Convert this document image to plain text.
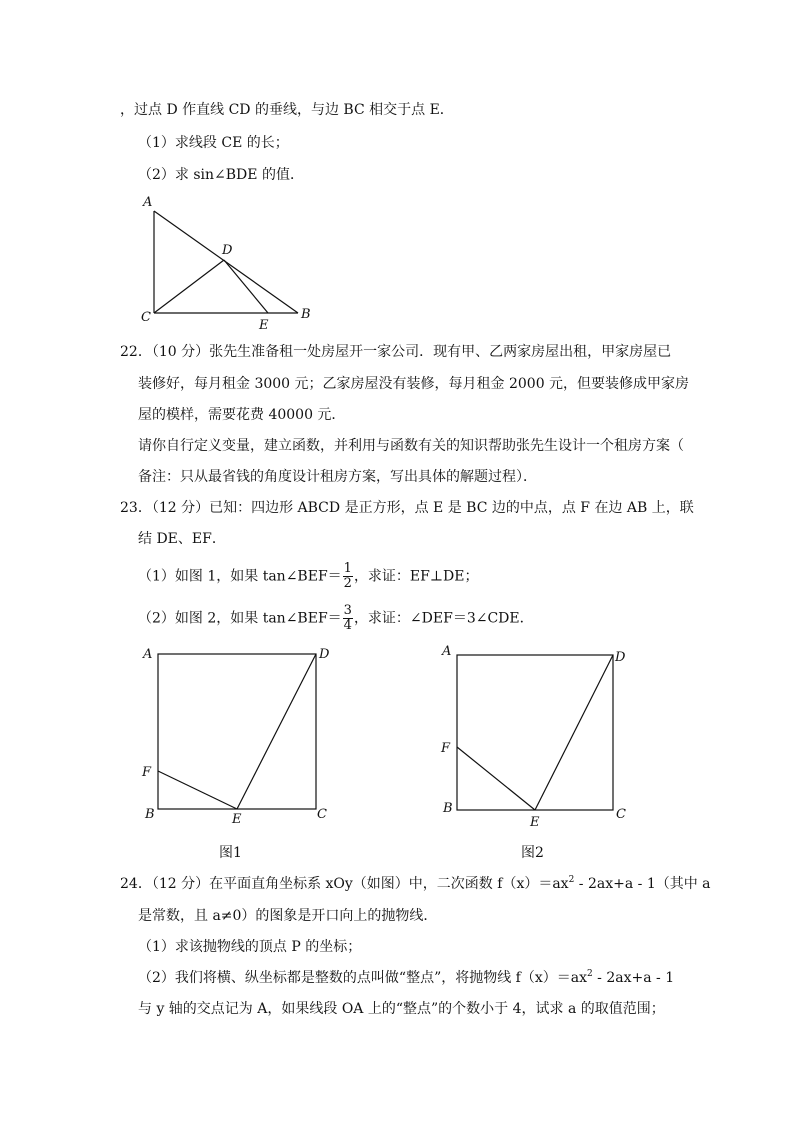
，过点 D 作直线 CD 的垂线，与边 BC 相交于点 E．
（1）求线段 CE 的长；
（2）求 sin∠BDE 的值．
A
D
C
E
B
22．（10 分）张先生准备租一处房屋开一家公司．现有甲、乙两家房屋出租，甲家房屋已
装修好，每月租金 3000 元；乙家房屋没有装修，每月租金 2000 元，但要装修成甲家房
屋的模样，需要花费 40000 元．
请你自行定义变量，建立函数，并利用与函数有关的知识帮助张先生设计一个租房方案（
备注：只从最省钱的角度设计租房方案，写出具体的解题过程）．
23．（12 分）已知：四边形 ABCD 是正方形，点 E 是 BC 边的中点，点 F 在边 AB 上，联
结 DE、EF．
（1）如图 1，如果 tan∠BEF＝ $\frac{1}{2}$ ，求证：EF⊥DE；
（2）如图 2，如果 tan∠BEF＝ $\frac{3}{4}$ ，求证：∠DEF＝3∠CDE．
A	D
F
B	E	C
图1
A	D
F
B
E
C
图2
24．（12 分）在平面直角坐标系 xOy（如图）中，二次函数 $f(x)=ax^2 - 2ax+a - 1$（其中 a
是常数，且 a≠0）的图象是开口向上的抛物线．
（1）求该抛物线的顶点 P 的坐标；
（2）我们将横、纵坐标都是整数的点叫做“整点”，将抛物线 $f(x)=ax^2 - 2ax+a - 1$
与 y 轴的交点记为 A，如果线段 OA 上的“整点”的个数小于 4，试求 a 的取值范围；
